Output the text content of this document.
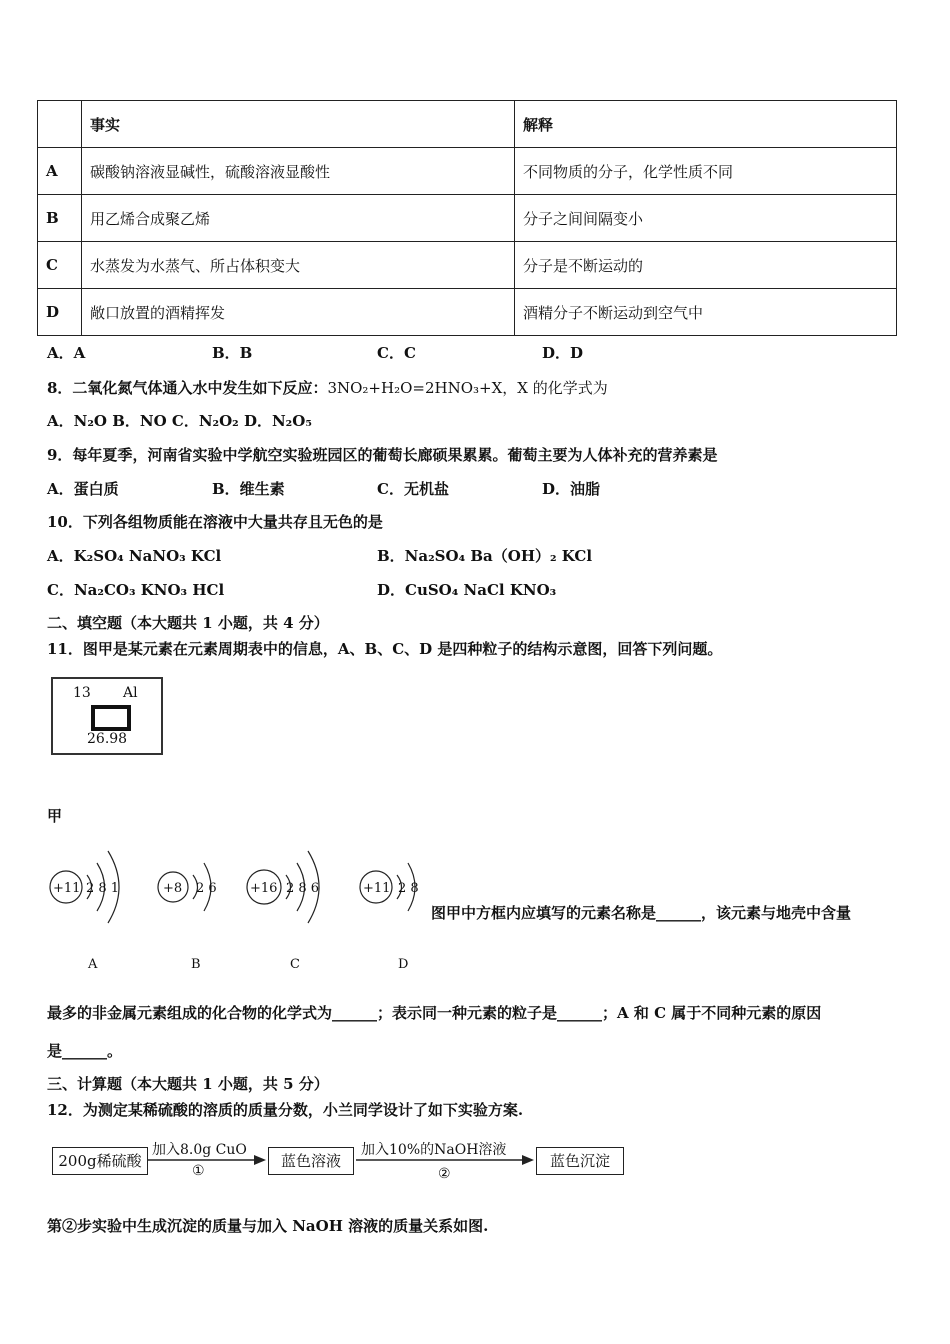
	事实	解释
A	碳酸钠溶液显碱性，硫酸溶液显酸性	不同物质的分子，化学性质不同
B	用乙烯合成聚乙烯	分子之间间隔变小
C	水蒸发为水蒸气、所占体积变大	分子是不断运动的
D	敞口放置的酒精挥发	酒精分子不断运动到空气中
A．A	B．B	C．C	D．D
8．二氧化氮气体通入水中发生如下反应：3NO₂+H₂O=2HNO₃+X，X 的化学式为
A．N₂O B．NO C．N₂O₂ D．N₂O₅
9．每年夏季，河南省实验中学航空实验班园区的葡萄长廊硕果累累。葡萄主要为人体补充的营养素是
A．蛋白质	B．维生素	C．无机盐	D．油脂
10．下列各组物质能在溶液中大量共存且无色的是
A．K₂SO₄ NaNO₃ KCl	B．Na₂SO₄ Ba（OH）₂ KCl
C．Na₂CO₃ KNO₃ HCl	D．CuSO₄ NaCl KNO₃
二、填空题（本大题共 1 小题，共 4 分）
11．图甲是某元素在元素周期表中的信息，A、B、C、D 是四种粒子的结构示意图，回答下列问题。
13 Al
26.98
甲
+11 2 8 1
A
+8 2 6
B
+16 2 8 6
C
+11 2 8
D
图甲中方框内应填写的元素名称是______，该元素与地壳中含量
最多的非金属元素组成的化合物的化学式为______；表示同一种元素的粒子是______；A 和 C 属于不同种元素的原因
是______。
三、计算题（本大题共 1 小题，共 5 分）
12．为测定某稀硫酸的溶质的质量分数，小兰同学设计了如下实验方案.
200g稀硫酸
加入8.0g CuO
①
蓝色溶液
加入10%的NaOH溶液
②
蓝色沉淀
第②步实验中生成沉淀的质量与加入 NaOH 溶液的质量关系如图.
